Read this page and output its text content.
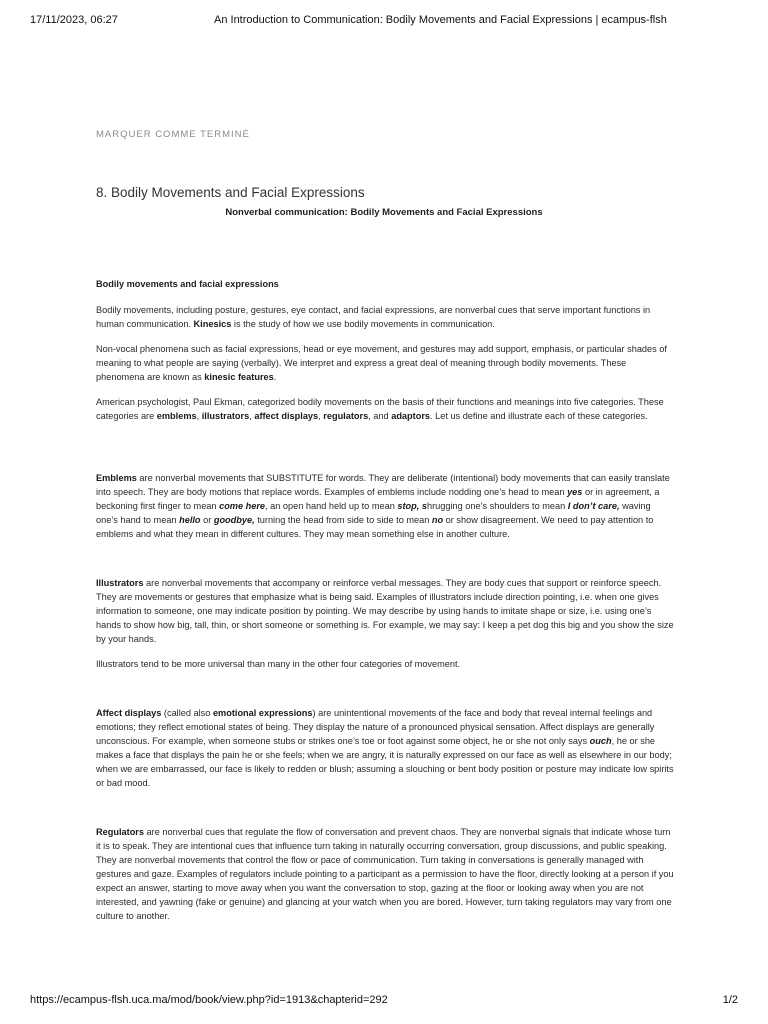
17/11/2023, 06:27	An Introduction to Communication: Bodily Movements and Facial Expressions | ecampus-flsh
MARQUER COMME TERMINÉ
8. Bodily Movements and Facial Expressions
Nonverbal communication: Bodily Movements and Facial Expressions
Bodily movements and facial expressions

Bodily movements, including posture, gestures, eye contact, and facial expressions, are nonverbal cues that serve important functions in human communication. Kinesics is the study of how we use bodily movements in communication.

Non-vocal phenomena such as facial expressions, head or eye movement, and gestures may add support, emphasis, or particular shades of meaning to what people are saying (verbally). We interpret and express a great deal of meaning through bodily movements. These phenomena are known as kinesic features.

American psychologist, Paul Ekman, categorized bodily movements on the basis of their functions and meanings into five categories. These categories are emblems, illustrators, affect displays, regulators, and adaptors. Let us define and illustrate each of these categories.

Emblems are nonverbal movements that SUBSTITUTE for words. They are deliberate (intentional) body movements that can easily translate into speech. They are body motions that replace words. Examples of emblems include nodding one’s head to mean yes or in agreement, a beckoning first finger to mean come here, an open hand held up to mean stop, shrugging one’s shoulders to mean I don’t care, waving one’s hand to mean hello or goodbye, turning the head from side to side to mean no or show disagreement. We need to pay attention to emblems and what they mean in different cultures. They may mean something else in another culture.

Illustrators are nonverbal movements that accompany or reinforce verbal messages. They are body cues that support or reinforce speech. They are movements or gestures that emphasize what is being said. Examples of illustrators include direction pointing, i.e. when one gives information to someone, one may indicate position by pointing. We may describe by using hands to imitate shape or size, i.e. using one’s hands to show how big, tall, thin, or short someone or something is. For example, we may say: I keep a pet dog this big and you show the size by your hands.

Illustrators tend to be more universal than many in the other four categories of movement.

Affect displays (called also emotional expressions) are unintentional movements of the face and body that reveal internal feelings and emotions; they reflect emotional states of being. They display the nature of a pronounced physical sensation. Affect displays are generally unconscious. For example, when someone stubs or strikes one’s toe or foot against some object, he or she not only says ouch, he or she makes a face that displays the pain he or she feels; when we are angry, it is naturally expressed on our face as well as elsewhere in our body; when we are embarrassed, our face is likely to redden or blush; assuming a slouching or bent body position or posture may indicate low spirits or bad mood.

Regulators are nonverbal cues that regulate the flow of conversation and prevent chaos. They are nonverbal signals that indicate whose turn it is to speak. They are intentional cues that influence turn taking in naturally occurring conversation, group discussions, and public speaking. They are nonverbal movements that control the flow or pace of communication. Turn taking in conversations is generally managed with gestures and gaze. Examples of regulators include pointing to a participant as a permission to have the floor, directly looking at a person if you expect an answer, starting to move away when you want the conversation to stop, gazing at the floor or looking away when you are not interested, and yawning (fake or genuine) and glancing at your watch when you are bored. However, turn taking regulators may vary from one culture to another.

https://ecampus-flsh.uca.ma/mod/book/view.php?id=1913&chapterid=292	1/2
